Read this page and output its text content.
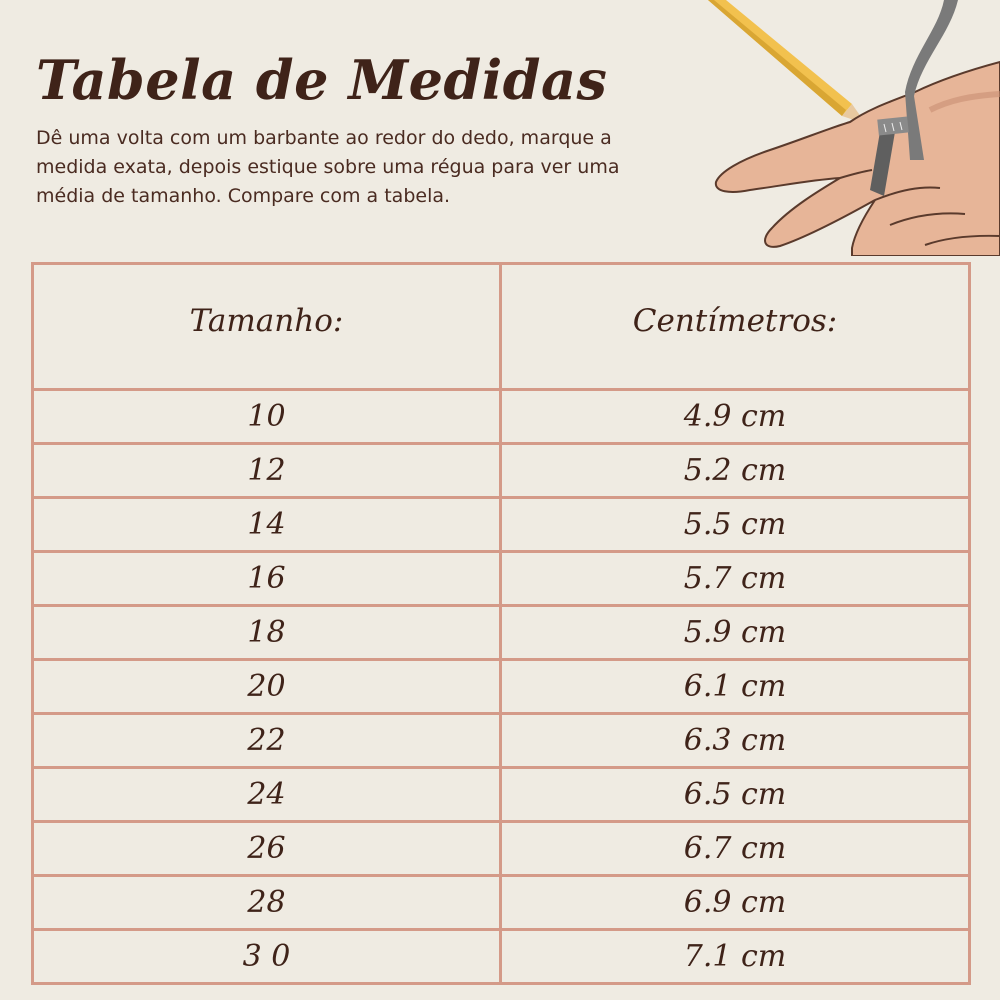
Tabela de Medidas

Dê uma volta com um barbante ao redor do dedo, marque a medida exata, depois estique sobre uma régua para ver uma média de tamanho. Compare com a tabela.

Tamanho:	Centímetros:
10	4.9 cm
12	5.2 cm
14	5.5 cm
16	5.7 cm
18	5.9 cm
20	6.1 cm
22	6.3 cm
24	6.5 cm
26	6.7 cm
28	6.9 cm
3 0	7.1 cm
